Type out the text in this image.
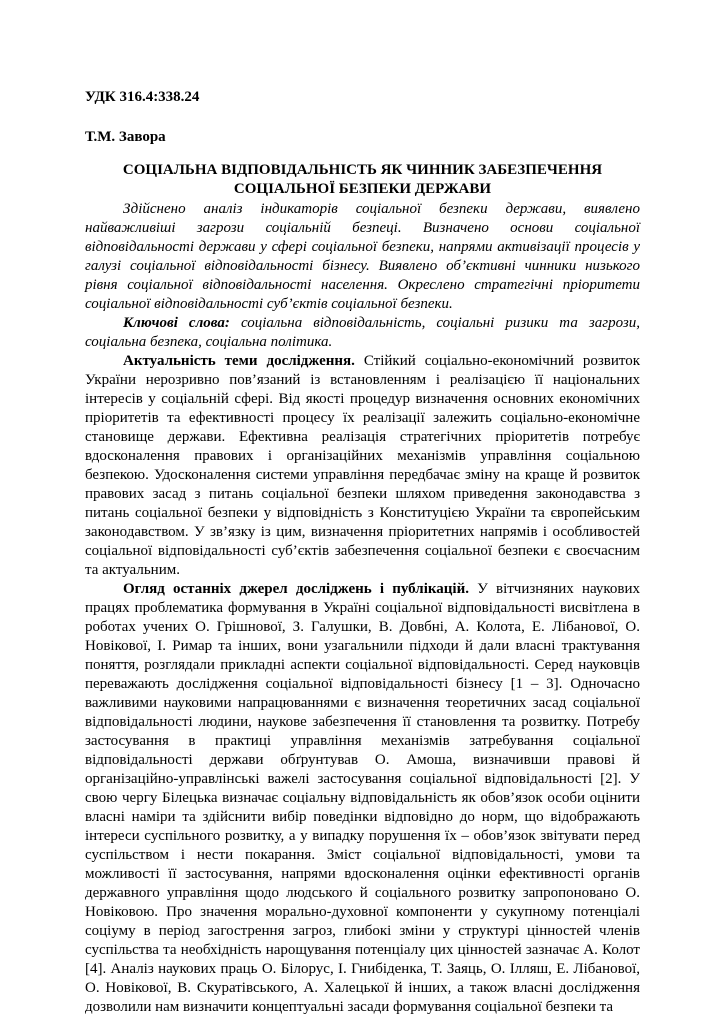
УДК 316.4:338.24

Т.М. Завора

СОЦІАЛЬНА ВІДПОВІДАЛЬНІСТЬ ЯК ЧИННИК ЗАБЕЗПЕЧЕННЯ СОЦІАЛЬНОЇ БЕЗПЕКИ ДЕРЖАВИ

Здійснено аналіз індикаторів соціальної безпеки держави, виявлено найважливіші загрози соціальній безпеці. Визначено основи соціальної відповідальності держави у сфері соціальної безпеки, напрями активізації процесів у галузі соціальної відповідальності бізнесу. Виявлено об’єктивні чинники низького рівня соціальної відповідальності населення. Окреслено стратегічні пріоритети соціальної відповідальності суб’єктів соціальної безпеки.

Ключові слова: соціальна відповідальність, соціальні ризики та загрози, соціальна безпека, соціальна політика.

Актуальність теми дослідження. Стійкий соціально-економічний розвиток України нерозривно пов’язаний із встановленням і реалізацією її національних інтересів у соціальній сфері. Від якості процедур визначення основних економічних пріоритетів та ефективності процесу їх реалізації залежить соціально-економічне становище держави. Ефективна реалізація стратегічних пріоритетів потребує вдосконалення правових і організаційних механізмів управління соціальною безпекою. Удосконалення системи управління передбачає зміну на краще й розвиток правових засад з питань соціальної безпеки шляхом приведення законодавства з питань соціальної безпеки у відповідність з Конституцією України та європейським законодавством. У зв’язку із цим, визначення пріоритетних напрямів і особливостей соціальної відповідальності суб’єктів забезпечення соціальної безпеки є своєчасним та актуальним.

Огляд останніх джерел досліджень і публікацій. У вітчизняних наукових працях проблематика формування в Україні соціальної відповідальності висвітлена в роботах учених О. Грішнової, З. Галушки, В. Довбні, А. Колота, Е. Лібанової, О. Новікової, І. Римар та інших, вони узагальнили підходи й дали власні трактування поняття, розглядали прикладні аспекти соціальної відповідальності. Серед науковців переважають дослідження соціальної відповідальності бізнесу [1 – 3]. Одночасно важливими науковими напрацюваннями є визначення теоретичних засад соціальної відповідальності людини, наукове забезпечення її становлення та розвитку. Потребу застосування в практиці управління механізмів затребування соціальної відповідальності держави обґрунтував О. Амоша, визначивши правові й організаційно-управлінські важелі застосування соціальної відповідальності [2]. У свою чергу Білецька визначає соціальну відповідальність як обов’язок особи оцінити власні наміри та здійснити вибір поведінки відповідно до норм, що відображають інтереси суспільного розвитку, а у випадку порушення їх – обов’язок звітувати перед суспільством і нести покарання. Зміст соціальної відповідальності, умови та можливості її застосування, напрями вдосконалення оцінки ефективності органів державного управління щодо людського й соціального розвитку запропоновано О. Новіковою. Про значення морально-духовної компоненти у сукупному потенціалі соціуму в період загострення загроз, глибокі зміни у структурі цінностей членів суспільства та необхідність нарощування потенціалу цих цінностей зазначає А. Колот [4]. Аналіз наукових праць О. Білорус, І. Гнибіденка, Т. Заяць, О. Ілляш, Е. Лібанової, О. Новікової, В. Скуратівського, А. Халецької й інших, а також власні дослідження дозволили нам визначити концептуальні засади формування соціальної безпеки та
